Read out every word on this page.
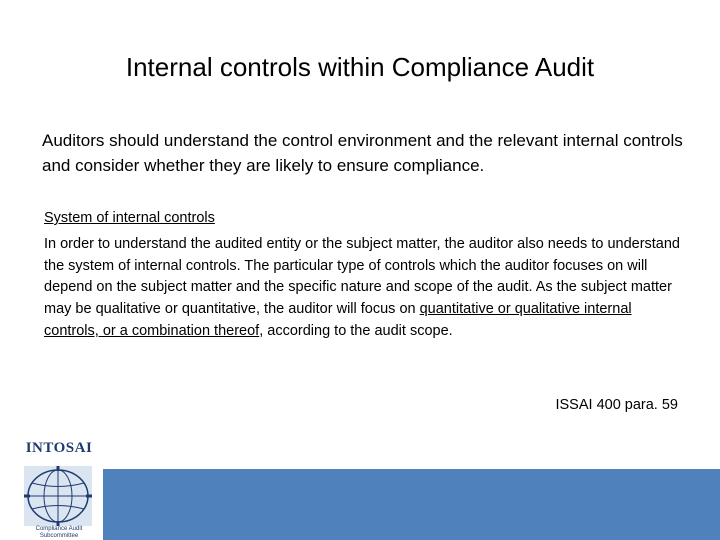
Internal controls within Compliance Audit
Auditors should understand the control environment and the relevant internal controls and consider whether they are likely to ensure compliance.
System of internal controls
In order to understand the audited entity or the subject matter, the auditor also needs to understand the system of internal controls. The particular type of controls which the auditor focuses on will depend on the subject matter and the specific nature and scope of the audit. As the subject matter may be qualitative or quantitative, the auditor will focus on quantitative or qualitative internal controls, or a combination thereof, according to the audit scope.
ISSAI 400 para. 59
INTOSAI
Compliance Audit
Subcommittee
